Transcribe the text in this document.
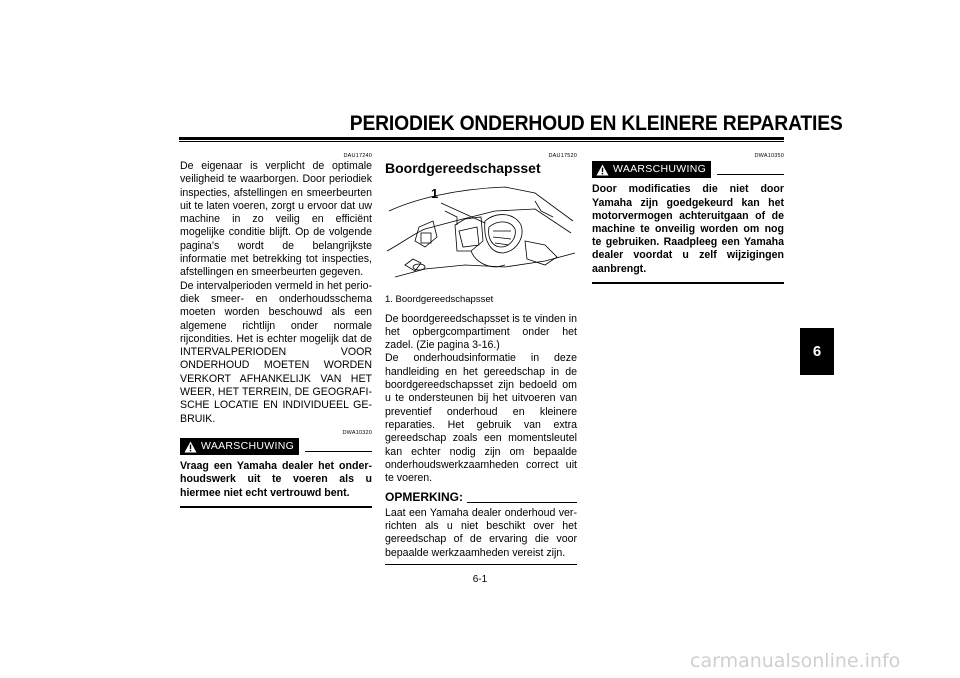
PERIODIEK ONDERHOUD EN KLEINERE REPARATIES
6
DAU17240

De eigenaar is verplicht de optimale veiligheid te waarborgen. Door periodiek inspecties, afstellingen en smeerbeurten uit te laten voeren, zorgt u ervoor dat uw machine in zo veilig en efficiënt mogelijke conditie blijft. Op de volgende pagina’s wordt de belangrijkste informatie met betrekking tot inspecties, afstellingen en smeerbeurten gegeven.

De intervalperioden vermeld in het periodiek smeer- en onderhoudsschema moeten worden beschouwd als een algemene richtlijn onder normale rijcondities. Het is echter mogelijk dat de INTERVALPERIODEN VOOR ONDERHOUD MOETEN WORDEN VERKORT AFHANKELIJK VAN HET WEER, HET TERREIN, DE GEOGRAFISCHE LOCATIE EN INDIVIDUEEL GEBRUIK.

DWA10320
WAARSCHUWING
Vraag een Yamaha dealer het onderhoudswerk uit te voeren als u hiermee niet echt vertrouwd bent.
DAU17520
Boordgereedschapsset
1
1. Boordgereedschapsset

De boordgereedschapsset is te vinden in het opbergcompartiment onder het zadel. (Zie pagina 3-16.)

De onderhoudsinformatie in deze handleiding en het gereedschap in de boordgereedschapsset zijn bedoeld om u te ondersteunen bij het uitvoeren van preventief onderhoud en kleinere reparaties. Het gebruik van extra gereedschap zoals een momentsleutel kan echter nodig zijn om bepaalde onderhoudswerkzaamheden correct uit te voeren.

OPMERKING:
Laat een Yamaha dealer onderhoud verrichten als u niet beschikt over het gereedschap of de ervaring die voor bepaalde werkzaamheden vereist zijn.
DWA10350
WAARSCHUWING
Door modificaties die niet door Yamaha zijn goedgekeurd kan het motorvermogen achteruitgaan of de machine te onveilig worden om nog te gebruiken. Raadpleeg een Yamaha dealer voordat u zelf wijzigingen aanbrengt.
6-1
carmanualsonline.info
